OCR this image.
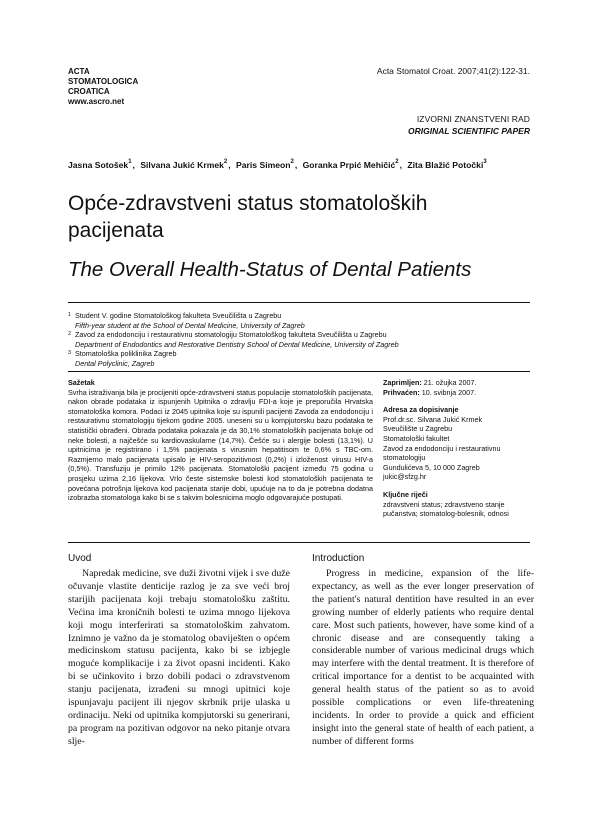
ACTA
STOMATOLOGICA
CROATICA
www.ascro.net
Acta Stomatol Croat. 2007;41(2):122-31.
IZVORNI ZNANSTVENI RAD
ORIGINAL SCIENTIFIC PAPER
Jasna Sotošek$^1$, Silvana Jukić Krmek$^2$, Paris Simeon$^2$, Goranka Prpić Mehičić$^2$, Zita Blažić Potočki$^3$
Opće-zdravstveni status stomatoloških
pacijenata
The Overall Health-Status of Dental Patients
1 Student V. godine Stomatološkog fakulteta Sveučilišta u Zagrebu
Fifth-year student at the School of Dental Medicine, University of Zagreb
2 Zavod za endodonciju i restaurativnu stomatologiju Stomatološkog fakulteta Sveučilišta u Zagrebu
Department of Endodontics and Restorative Dentistry School of Dental Medicine, University of Zagreb
3 Stomatološka poliklinika Zagreb
Dental Polyclinic, Zagreb
Sažetak
Svrha istraživanja bila je procijeniti opće-zdravstveni status populacije stomatoloških pacijenata, nakon obrade podataka iz ispunjenih Upitnika o zdravlju FDI-a koje je preporučila Hrvatska stomatološka komora. Podaci iz 2045 upitnika koje su ispunili pacijenti Zavoda za endodonciju i restaurativnu stomatologiju tijekom godine 2005. uneseni su u kompjutorsku bazu podataka te statistički obrađeni. Obrada podataka pokazala je da 30,1% stomatoloških pacijenata boluje od neke bolesti, a najčešće su kardiovaskularne (14,7%). Češće su i alergije bolesti (13,1%). U upitnicima je registrirano i 1,5% pacijenata s virusnim hepatitisom te 0,6% s TBC-om. Razmjerno malo pacijenata upisalo je HIV-seropozitivnost (0,2%) i izloženost virusu HIV-a (0,5%). Transfuziju je primilo 12% pacijenata. Stomatološki pacijent između 75 godina u prosjeku uzima 2,16 lijekova. Vrlo česte sistemske bolesti kod stomatoloških pacijenata te povećana potrošnja lijekova kod pacijenata starije dobi, upućuje na to da je potrebna dodatna izobrazba stomatologa kako bi se s takvim bolesnicima moglo odgovarajuće postupati.
Zaprimljen: 21. ožujka 2007.
Prihvaćen: 10. svibnja 2007.
Adresa za dopisivanje
Prof.dr.sc. Silvana Jukić Krmek
Sveučilište u Zagrebu
Stomatološki fakultet
Zavod za endodonciju i restaurativnu
stomatologiju
Gundulićeva 5, 10 000 Zagreb
jukic@sfzg.hr
Ključne riječi
zdravstveni status; zdravstveno stanje pučanstva; stomatolog-bolesnik, odnosi
Uvod	Introduction

Napredak medicine, sve duži životni vijek i sve duže očuvanje vlastite denticije razlog je za sve veći broj starijih pacijenata koji trebaju stomatološku zaštitu. Većina ima kroničnih bolesti te uzima mnogo lijekova koji mogu interferirati sa stomatološkim zahvatom. Iznimno je važno da je stomatolog obaviješten o općem medicinskom statusu pacijenta, kako bi se izbjegle moguće komplikacije i za život opasni incidenti. Kako bi se učinkovito i brzo dobili podaci o zdravstvenom stanju pacijenata, izrađeni su mnogi upitnici koje ispunjavaju pacijent ili njegov skrbnik prije ulaska u ordinaciju. Neki od upitnika kompjutorski su generirani, pa program na pozitivan odgovor na neko pitanje otvara slje-

Progress in medicine, expansion of the life-expectancy, as well as the ever longer preservation of the patient's natural dentition have resulted in an ever growing number of elderly patients who require dental care. Most such patients, however, have some kind of a chronic disease and are consequently taking a considerable number of various medicinal drugs which may interfere with the dental treatment. It is therefore of critical importance for a dentist to be acquainted with general health status of the patient so as to avoid possible complications or even life-threatening incidents. In order to provide a quick and efficient insight into the general state of health of each patient, a number of different forms
